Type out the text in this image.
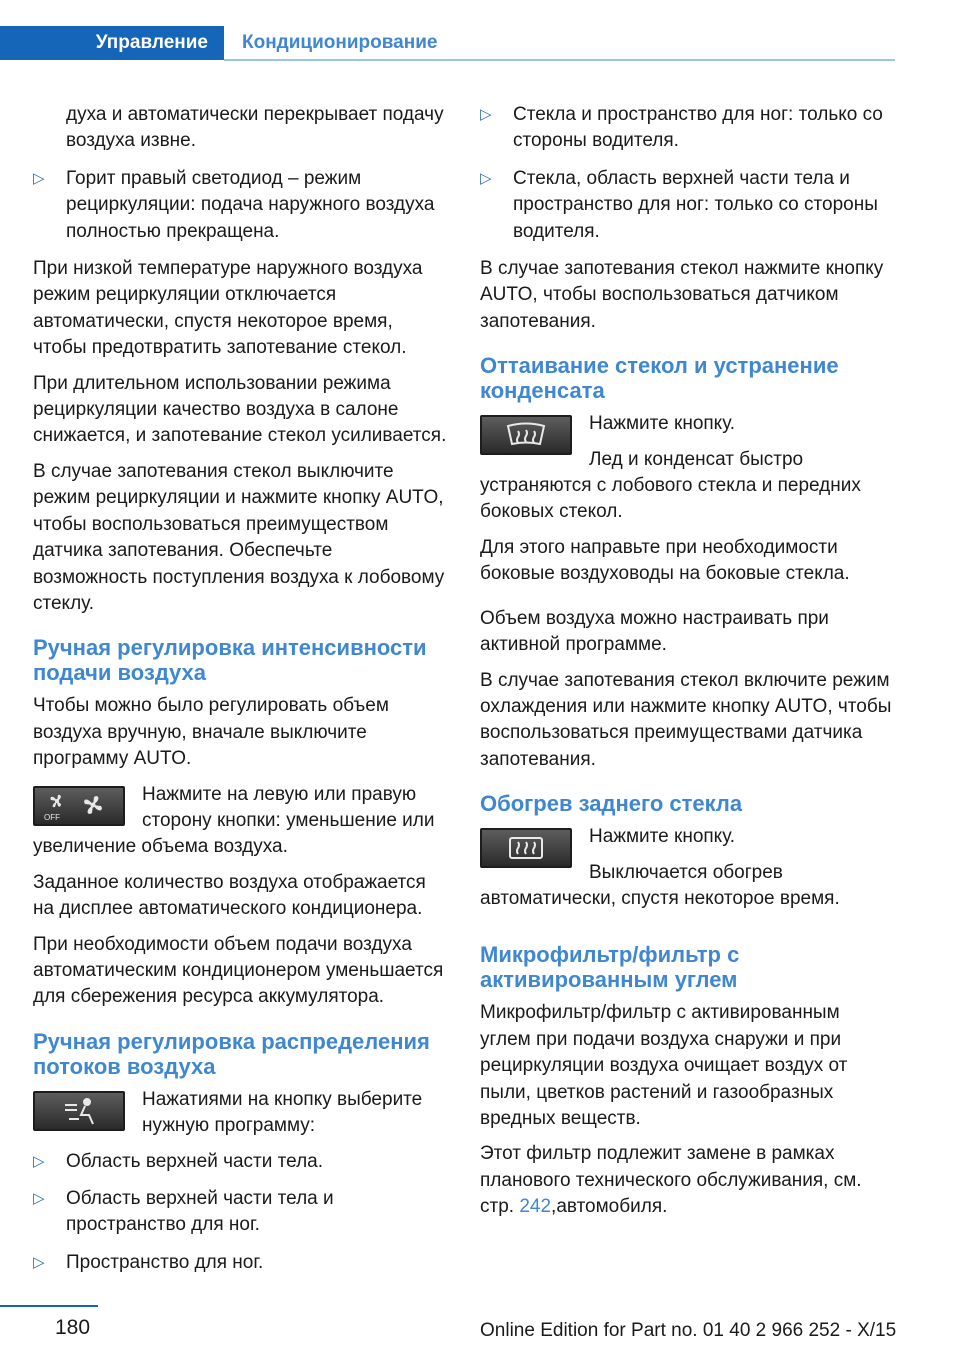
Управление	Кондиционирование
духа и автоматически перекрывает подачу воздуха извне.
▷	Горит правый светодиод – режим рециркуляции: подача наружного воздуха полностью прекращена.

При низкой температуре наружного воздуха режим рециркуляции отключается автоматически, спустя некоторое время, чтобы предотвратить запотевание стекол.

При длительном использовании режима рециркуляции качество воздуха в салоне снижается, и запотевание стекол усиливается.

В случае запотевания стекол выключите режим рециркуляции и нажмите кнопку AUTO, чтобы воспользоваться преимуществом датчика запотевания. Обеспечьте возможность поступления воздуха к лобовому стеклу.

Ручная регулировка интенсивности подачи воздуха

Чтобы можно было регулировать объем воздуха вручную, вначале выключите программу AUTO.

OFF
Нажмите на левую или правую сторону кнопки: уменьшение или увеличение объема воздуха.

Заданное количество воздуха отображается на дисплее автоматического кондиционера.

При необходимости объем подачи воздуха автоматическим кондиционером уменьшается для сбережения ресурса аккумулятора.

Ручная регулировка распределения потоков воздуха
Нажатиями на кнопку выберите нужную программу:
▷	Область верхней части тела.
▷	Область верхней части тела и пространство для ног.
▷	Пространство для ног.
▷	Стекла и пространство для ног: только со стороны водителя.
▷	Стекла, область верхней части тела и пространство для ног: только со стороны водителя.

В случае запотевания стекол нажмите кнопку AUTO, чтобы воспользоваться датчиком запотевания.

Оттаивание стекол и устранение конденсата
Нажмите кнопку.
Лед и конденсат быстро устраняются с лобового стекла и передних боковых стекол.

Для этого направьте при необходимости боковые воздуховоды на боковые стекла.

Объем воздуха можно настраивать при активной программе.

В случае запотевания стекол включите режим охлаждения или нажмите кнопку AUTO, чтобы воспользоваться преимуществами датчика запотевания.

Обогрев заднего стекла
Нажмите кнопку.
Выключается обогрев автоматически, спустя некоторое время.
Микрофильтр/фильтр с активированным углем

Микрофильтр/фильтр с активированным углем при подачи воздуха снаружи и при рециркуляции воздуха очищает воздух от пыли, цветков растений и газообразных вредных веществ.

Этот фильтр подлежит замене в рамках планового технического обслуживания, см. стр. 242,автомобиля.

180	Online Edition for Part no. 01 40 2 966 252 - X/15
